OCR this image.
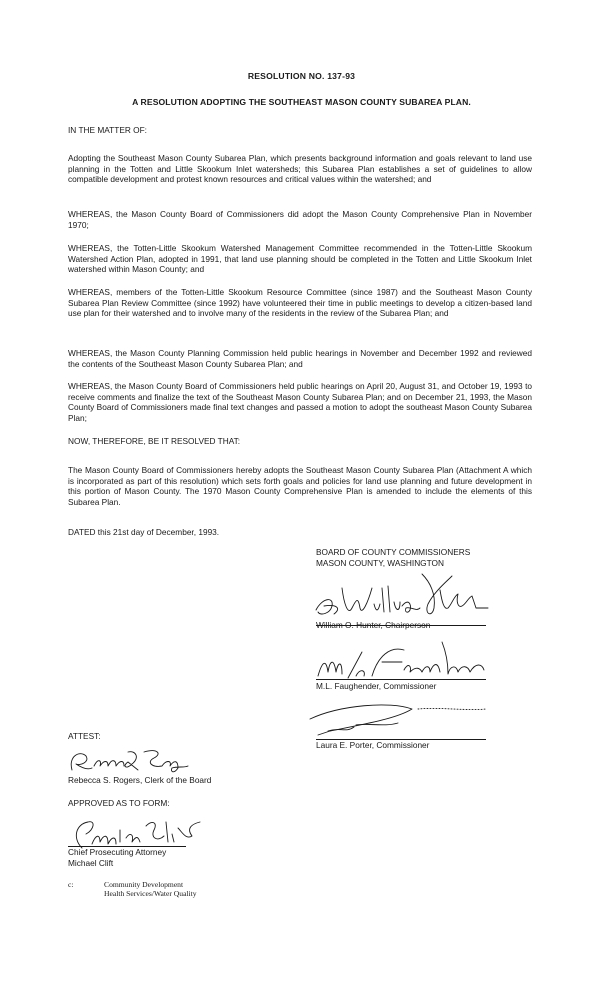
RESOLUTION NO. 137-93
A RESOLUTION ADOPTING THE SOUTHEAST MASON COUNTY SUBAREA PLAN.
IN THE MATTER OF:
Adopting the Southeast Mason County Subarea Plan, which presents background information and goals relevant to land use planning in the Totten and Little Skookum Inlet watersheds; this Subarea Plan establishes a set of guidelines to allow compatible development and protest known resources and critical values within the watershed; and
WHEREAS, the Mason County Board of Commissioners did adopt the Mason County Comprehensive Plan in November 1970;
WHEREAS, the Totten-Little Skookum Watershed Management Committee recommended in the Totten-Little Skookum Watershed Action Plan, adopted in 1991, that land use planning should be completed in the Totten and Little Skookum Inlet watershed within Mason County; and
WHEREAS, members of the Totten-Little Skookum Resource Committee (since 1987) and the Southeast Mason County Subarea Plan Review Committee (since 1992) have volunteered their time in public meetings to develop a citizen-based land use plan for their watershed and to involve many of the residents in the review of the Subarea Plan; and
WHEREAS, the Mason County Planning Commission held public hearings in November and December 1992 and reviewed the contents of the Southeast Mason County Subarea Plan; and
WHEREAS, the Mason County Board of Commissioners held public hearings on April 20, August 31, and October 19, 1993 to receive comments and finalize the text of the Southeast Mason County Subarea Plan; and on December 21, 1993, the Mason County Board of Commissioners made final text changes and passed a motion to adopt the southeast Mason County Subarea Plan;
NOW, THEREFORE, BE IT RESOLVED THAT:
The Mason County Board of Commissioners hereby adopts the Southeast Mason County Subarea Plan (Attachment A which is incorporated as part of this resolution) which sets forth goals and policies for land use planning and future development in this portion of Mason County. The 1970 Mason County Comprehensive Plan is amended to include the elements of this Subarea Plan.
DATED this 21st day of December, 1993.
BOARD OF COUNTY COMMISSIONERS
MASON COUNTY, WASHINGTON
William O. Hunter, Chairperson
M.L. Faughender, Commissioner
Laura E. Porter, Commissioner
ATTEST:
Rebecca S. Rogers, Clerk of the Board
APPROVED AS TO FORM:
Chief Prosecuting Attorney
Michael Clift
c:	Community Development
Health Services/Water Quality
